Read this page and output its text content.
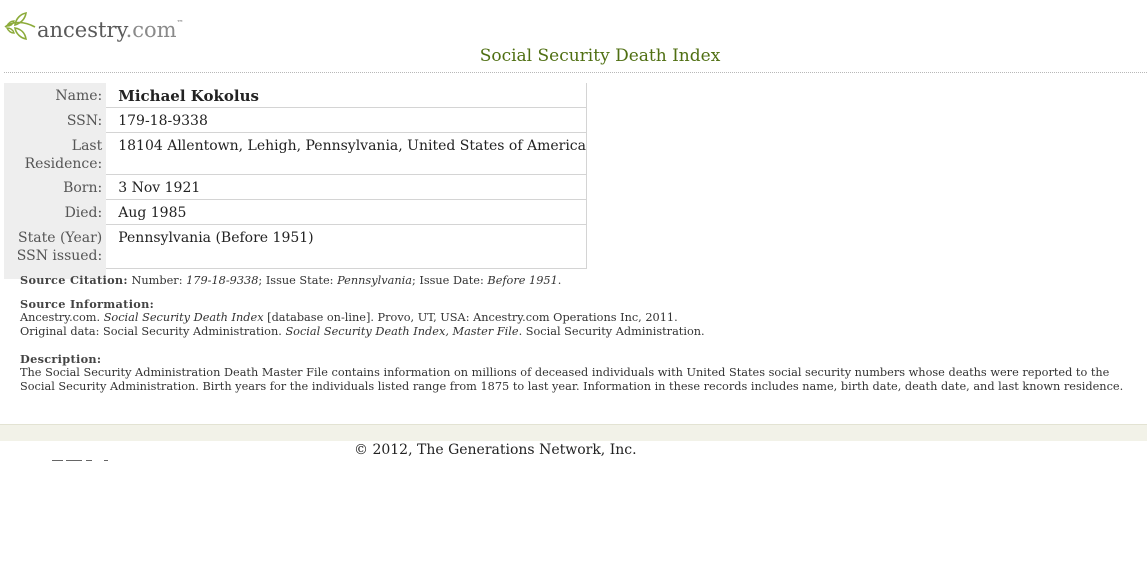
ancestry.com™
Social Security Death Index
Name:	Michael Kokolus
SSN:	179-18-9338
Last Residence:	18104 Allentown, Lehigh, Pennsylvania, United States of America
Born:	3 Nov 1921
Died:	Aug 1985
State (Year) SSN issued:	Pennsylvania (Before 1951)

Source Citation: Number: 179-18-9338; Issue State: Pennsylvania; Issue Date: Before 1951.
Source Information:
Ancestry.com. Social Security Death Index [database on-line]. Provo, UT, USA: Ancestry.com Operations Inc, 2011.
Original data: Social Security Administration. Social Security Death Index, Master File. Social Security Administration.
Description:
The Social Security Administration Death Master File contains information on millions of deceased individuals with United States social security numbers whose deaths were reported to the Social Security Administration. Birth years for the individuals listed range from 1875 to last year. Information in these records includes name, birth date, death date, and last known residence.
© 2012, The Generations Network, Inc.
